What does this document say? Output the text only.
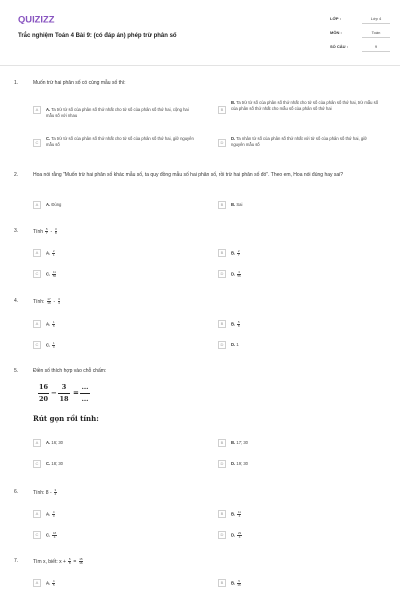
QUIZIZZ
Trắc nghiệm Toán 4 Bài 9: (có đáp án) phép trừ phân số
LỚP :	Lớp 4
MÔN :	Toán
SỐ CÂU :	9
1.	Muốn trừ hai phân số có cùng mẫu số thì:
A	A. Ta trừ tử số của phân số thứ nhất cho tử số của phân số thứ hai, cộng hai mẫu số với nhau
B
B. Ta trừ tử số của phân số thứ nhất cho tử số của phân số thứ hai, trừ mẫu số của phân số thứ nhất cho mẫu số của phân số thứ hai
C
C. Ta trừ tử số của phân số thứ nhất cho tử số của phân số thứ hai, giữ nguyên mẫu số	D
D. Ta nhân tử số của phân số thứ nhất với tử số của phân số thứ hai, giữ nguyên mẫu số
2.	Hoa nói rằng "Muốn trừ hai phân số khác mẫu số, ta quy đồng mẫu số hai phân số, rồi trừ hai phân số đó". Theo em, Hoa nói đúng hay sai?
A	A. Đúng	B	B. Sai
3.	Tính $\frac{5}{7} - \frac{3}{8}$
A	A. $\frac{2}{1}$	B	B. $\frac{2}{7}$
C	C. $\frac{11}{56}$	D	D. $\frac{3}{56}$
4.	Tính: $\frac{17}{16} - \frac{3}{4}$
A	A. $\frac{1}{6}$	B	B. $\frac{5}{8}$
C	C. $\frac{1}{4}$	D	D. 1
5.	Điền số thích hợp vào chỗ chấm:
16
20
−
3
18
=
...
...
Rút gọn rồi tính:
A	A. 16; 30	B	B. 17; 30
C	C. 18; 30	D	D. 19; 30
6.	Tính: $8 - \frac{3}{4}$
A	A. $\frac{4}{4}$	B	B. $\frac{11}{4}$
C	C. $\frac{18}{4}$	D	D. $\frac{29}{4}$
7.	Tìm x, biết: $x + \frac{5}{8} = \frac{15}{16}$
A	A. $\frac{4}{5}$	B	B. $\frac{5}{16}$
